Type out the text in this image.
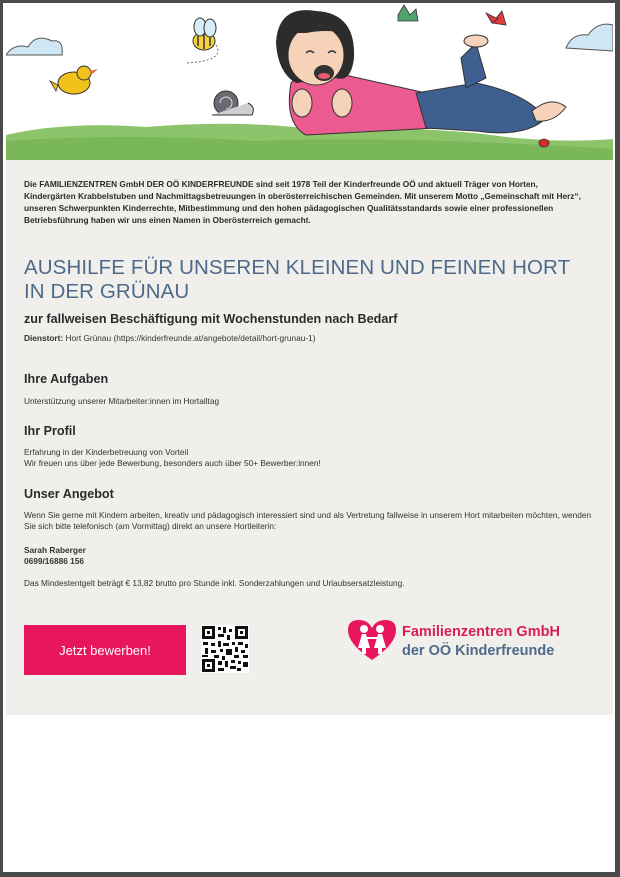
Die FAMILIENZENTREN GmbH DER OÖ KINDERFREUNDE sind seit 1978 Teil der Kinderfreunde OÖ und aktuell Träger von Horten, Kindergärten Krabbelstuben und Nachmittagsbetreuungen in oberösterreichischen Gemeinden. Mit unserem Motto „Gemeinschaft mit Herz“, unseren Schwerpunkten Kinderrechte, Mitbestimmung und den hohen pädagogischen Qualitätsstandards sowie einer professionellen Betriebsführung haben wir uns einen Namen in Oberösterreich gemacht.
AUSHILFE FÜR UNSEREN KLEINEN UND FEINEN HORT IN DER GRÜNAU
zur fallweisen Beschäftigung mit Wochenstunden nach Bedarf
Dienstort: Hort Grünau (https://kinderfreunde.at/angebote/detail/hort-grunau-1)
Ihre Aufgaben
Unterstützung unserer Mitarbeiter:innen im Hortalltag
Ihr Profil
Erfahrung in der Kinderbetreuung von Vorteil
Wir freuen uns über jede Bewerbung, besonders auch über 50+ Bewerber:innen!
Unser Angebot
Wenn Sie gerne mit Kindern arbeiten, kreativ und pädagogisch interessiert sind und als Vertretung fallweise in unserem Hort mitarbeiten möchten, wenden Sie sich bitte telefonisch (am Vormittag) direkt an unsere Hortleiterin:
Sarah Raberger
0699/16886 156
Das Mindestentgelt beträgt € 13,82 brutto pro Stunde inkl. Sonderzahlungen und Urlaubsersatzleistung.
Jetzt bewerben!
Familienzentren GmbH
der OÖ Kinderfreunde
